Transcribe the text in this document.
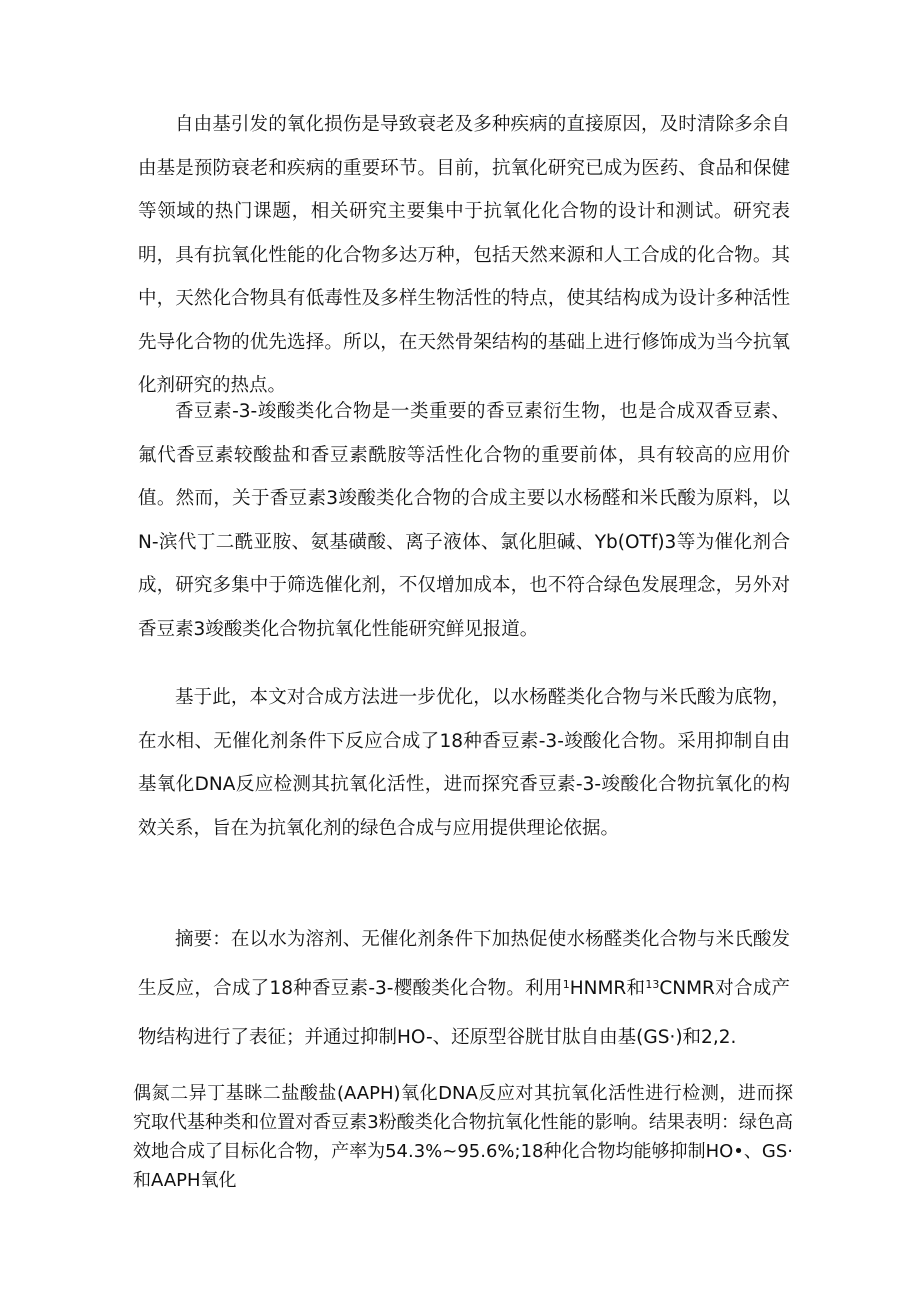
自由基引发的氧化损伤是导致衰老及多种疾病的直接原因，及时清除多余自由基是预防衰老和疾病的重要环节。目前，抗氧化研究已成为医药、食品和保健等领域的热门课题，相关研究主要集中于抗氧化化合物的设计和测试。研究表明，具有抗氧化性能的化合物多达万种，包括天然来源和人工合成的化合物。其中，天然化合物具有低毒性及多样生物活性的特点，使其结构成为设计多种活性先导化合物的优先选择。所以，在天然骨架结构的基础上进行修饰成为当今抗氧化剂研究的热点。

香豆素-3-竣酸类化合物是一类重要的香豆素衍生物，也是合成双香豆素、氟代香豆素较酸盐和香豆素酰胺等活性化合物的重要前体，具有较高的应用价值。然而，关于香豆素3竣酸类化合物的合成主要以水杨醛和米氏酸为原料，以N-滨代丁二酰亚胺、氨基磺酸、离子液体、氯化胆碱、Yb(OTf)3等为催化剂合成，研究多集中于筛选催化剂，不仅增加成本，也不符合绿色发展理念，另外对香豆素3竣酸类化合物抗氧化性能研究鲜见报道。

基于此，本文对合成方法进一步优化，以水杨醛类化合物与米氏酸为底物，在水相、无催化剂条件下反应合成了18种香豆素-3-竣酸化合物。采用抑制自由基氧化DNA反应检测其抗氧化活性，进而探究香豆素-3-竣酸化合物抗氧化的构效关系，旨在为抗氧化剂的绿色合成与应用提供理论依据。

摘要：在以水为溶剂、无催化剂条件下加热促使水杨醛类化合物与米氏酸发生反应，合成了18种香豆素-3-樱酸类化合物。利用$^1$HNMR和$^{13}$CNMR对合成产物结构进行了表征；并通过抑制HO-、还原型谷胱甘肽自由基(GS·)和2,2.

偶氮二异丁基眯二盐酸盐(AAPH)氧化DNA反应对其抗氧化活性进行检测，进而探究取代基种类和位置对香豆素3粉酸类化合物抗氧化性能的影响。结果表明：绿色高效地合成了目标化合物，产率为54.3%~95.6%;18种化合物均能够抑制HO•、GS·和AAPH氧化
